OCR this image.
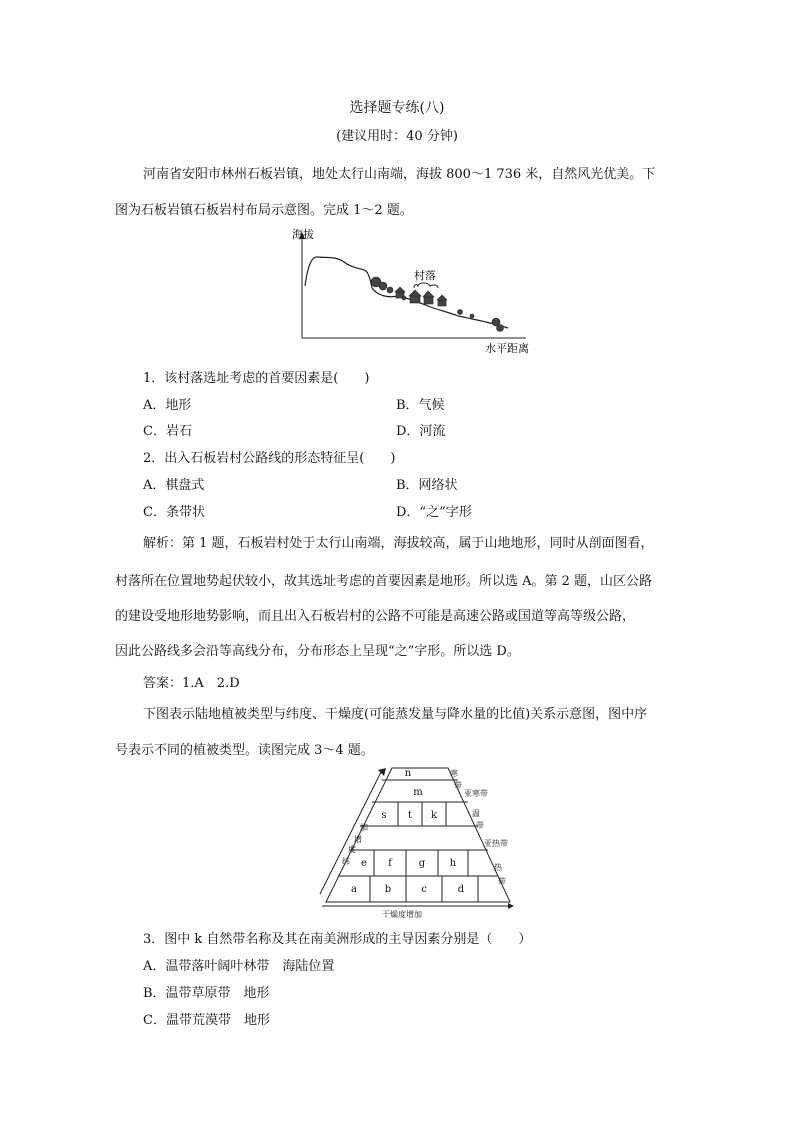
选择题专练(八)
(建议用时：40 分钟)
河南省安阳市林州石板岩镇，地处太行山南端，海拔 800～1 736 米，自然风光优美。下
图为石板岩镇石板岩村布局示意图。完成 1～2 题。
海拔
水平距离
村落
1．该村落选址考虑的首要因素是(　　)
A．地形	B．气候
C．岩石	D．河流
2．出入石板岩村公路线的形态特征呈(　　)
A．棋盘式	B．网络状
C．条带状	D．“之”字形
解析：第 1 题，石板岩村处于太行山南端，海拔较高，属于山地地形，同时从剖面图看，
村落所在位置地势起伏较小，故其选址考虑的首要因素是地形。所以选 A。第 2 题，山区公路
的建设受地形地势影响，而且出入石板岩村的公路不可能是高速公路或国道等高等级公路，
因此公路线多会沿等高线分布，分布形态上呈现“之”字形。所以选 D。
答案：1.A　2.D
下图表示陆地植被类型与纬度、干燥度(可能蒸发量与降水量的比值)关系示意图，图中序
号表示不同的植被类型。读图完成 3～4 题。
n
m
s t k
e f	g h
a	b	c	d
寒
带
亚寒带
温
带
亚热带
热
带
加
增
度
纬
干燥度增加
3．图中 k 自然带名称及其在南美洲形成的主导因素分别是（　　）
A．温带落叶阔叶林带　海陆位置
B．温带草原带　地形
C．温带荒漠带　地形
